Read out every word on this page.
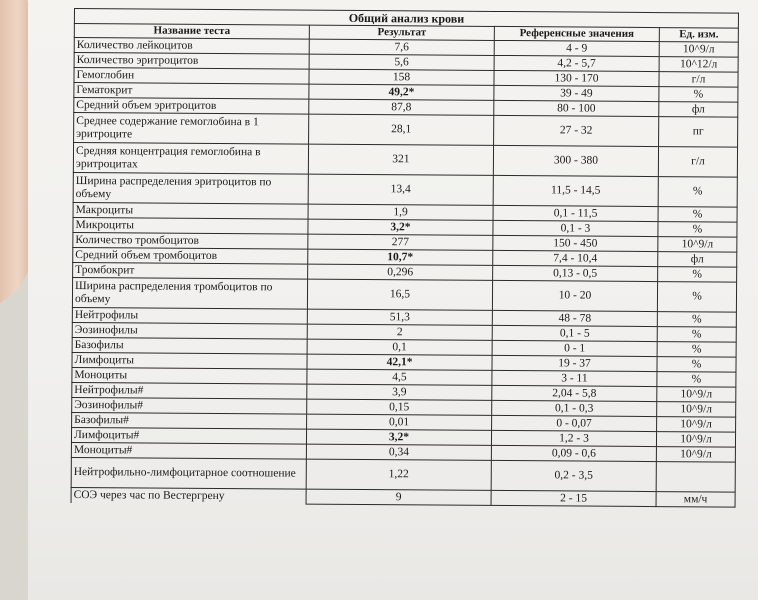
Общий анализ крови			
Название теста	Результат	Референсные значения	Ед. изм.
Количество лейкоцитов	7,6	4 - 9	10^9/л
Количество эритроцитов	5,6	4,2 - 5,7	10^12/л
Гемоглобин	158	130 - 170	г/л
Гематокрит	49,2*	39 - 49	%
Средний объем эритроцитов	87,8	80 - 100	фл
Среднее содержание гемоглобина в 1 эритроците	28,1	27 - 32	пг
Средняя концентрация гемоглобина в эритроцитах	321	300 - 380	г/л
Ширина распределения эритроцитов по объему	13,4	11,5 - 14,5	%
Макроциты	1,9	0,1 - 11,5	%
Микроциты	3,2*	0,1 - 3	%
Количество тромбоцитов	277	150 - 450	10^9/л
Средний объем тромбоцитов	10,7*	7,4 - 10,4	фл
Тромбокрит	0,296	0,13 - 0,5	%
Ширина распределения тромбоцитов по объему	16,5	10 - 20	%
Нейтрофилы	51,3	48 - 78	%
Эозинофилы	2	0,1 - 5	%
Базофилы	0,1	0 - 1	%
Лимфоциты	42,1*	19 - 37	%
Моноциты	4,5	3 - 11	%
Нейтрофилы#	3,9	2,04 - 5,8	10^9/л
Эозинофилы#	0,15	0,1 - 0,3	10^9/л
Базофилы#	0,01	0 - 0,07	10^9/л
Лимфоциты#	3,2*	1,2 - 3	10^9/л
Моноциты#	0,34	0,09 - 0,6	10^9/л
Нейтрофильно-лимфоцитарное соотношение	1,22	0,2 - 3,5	
СОЭ через час по Вестергрену	9	2 - 15	мм/ч
